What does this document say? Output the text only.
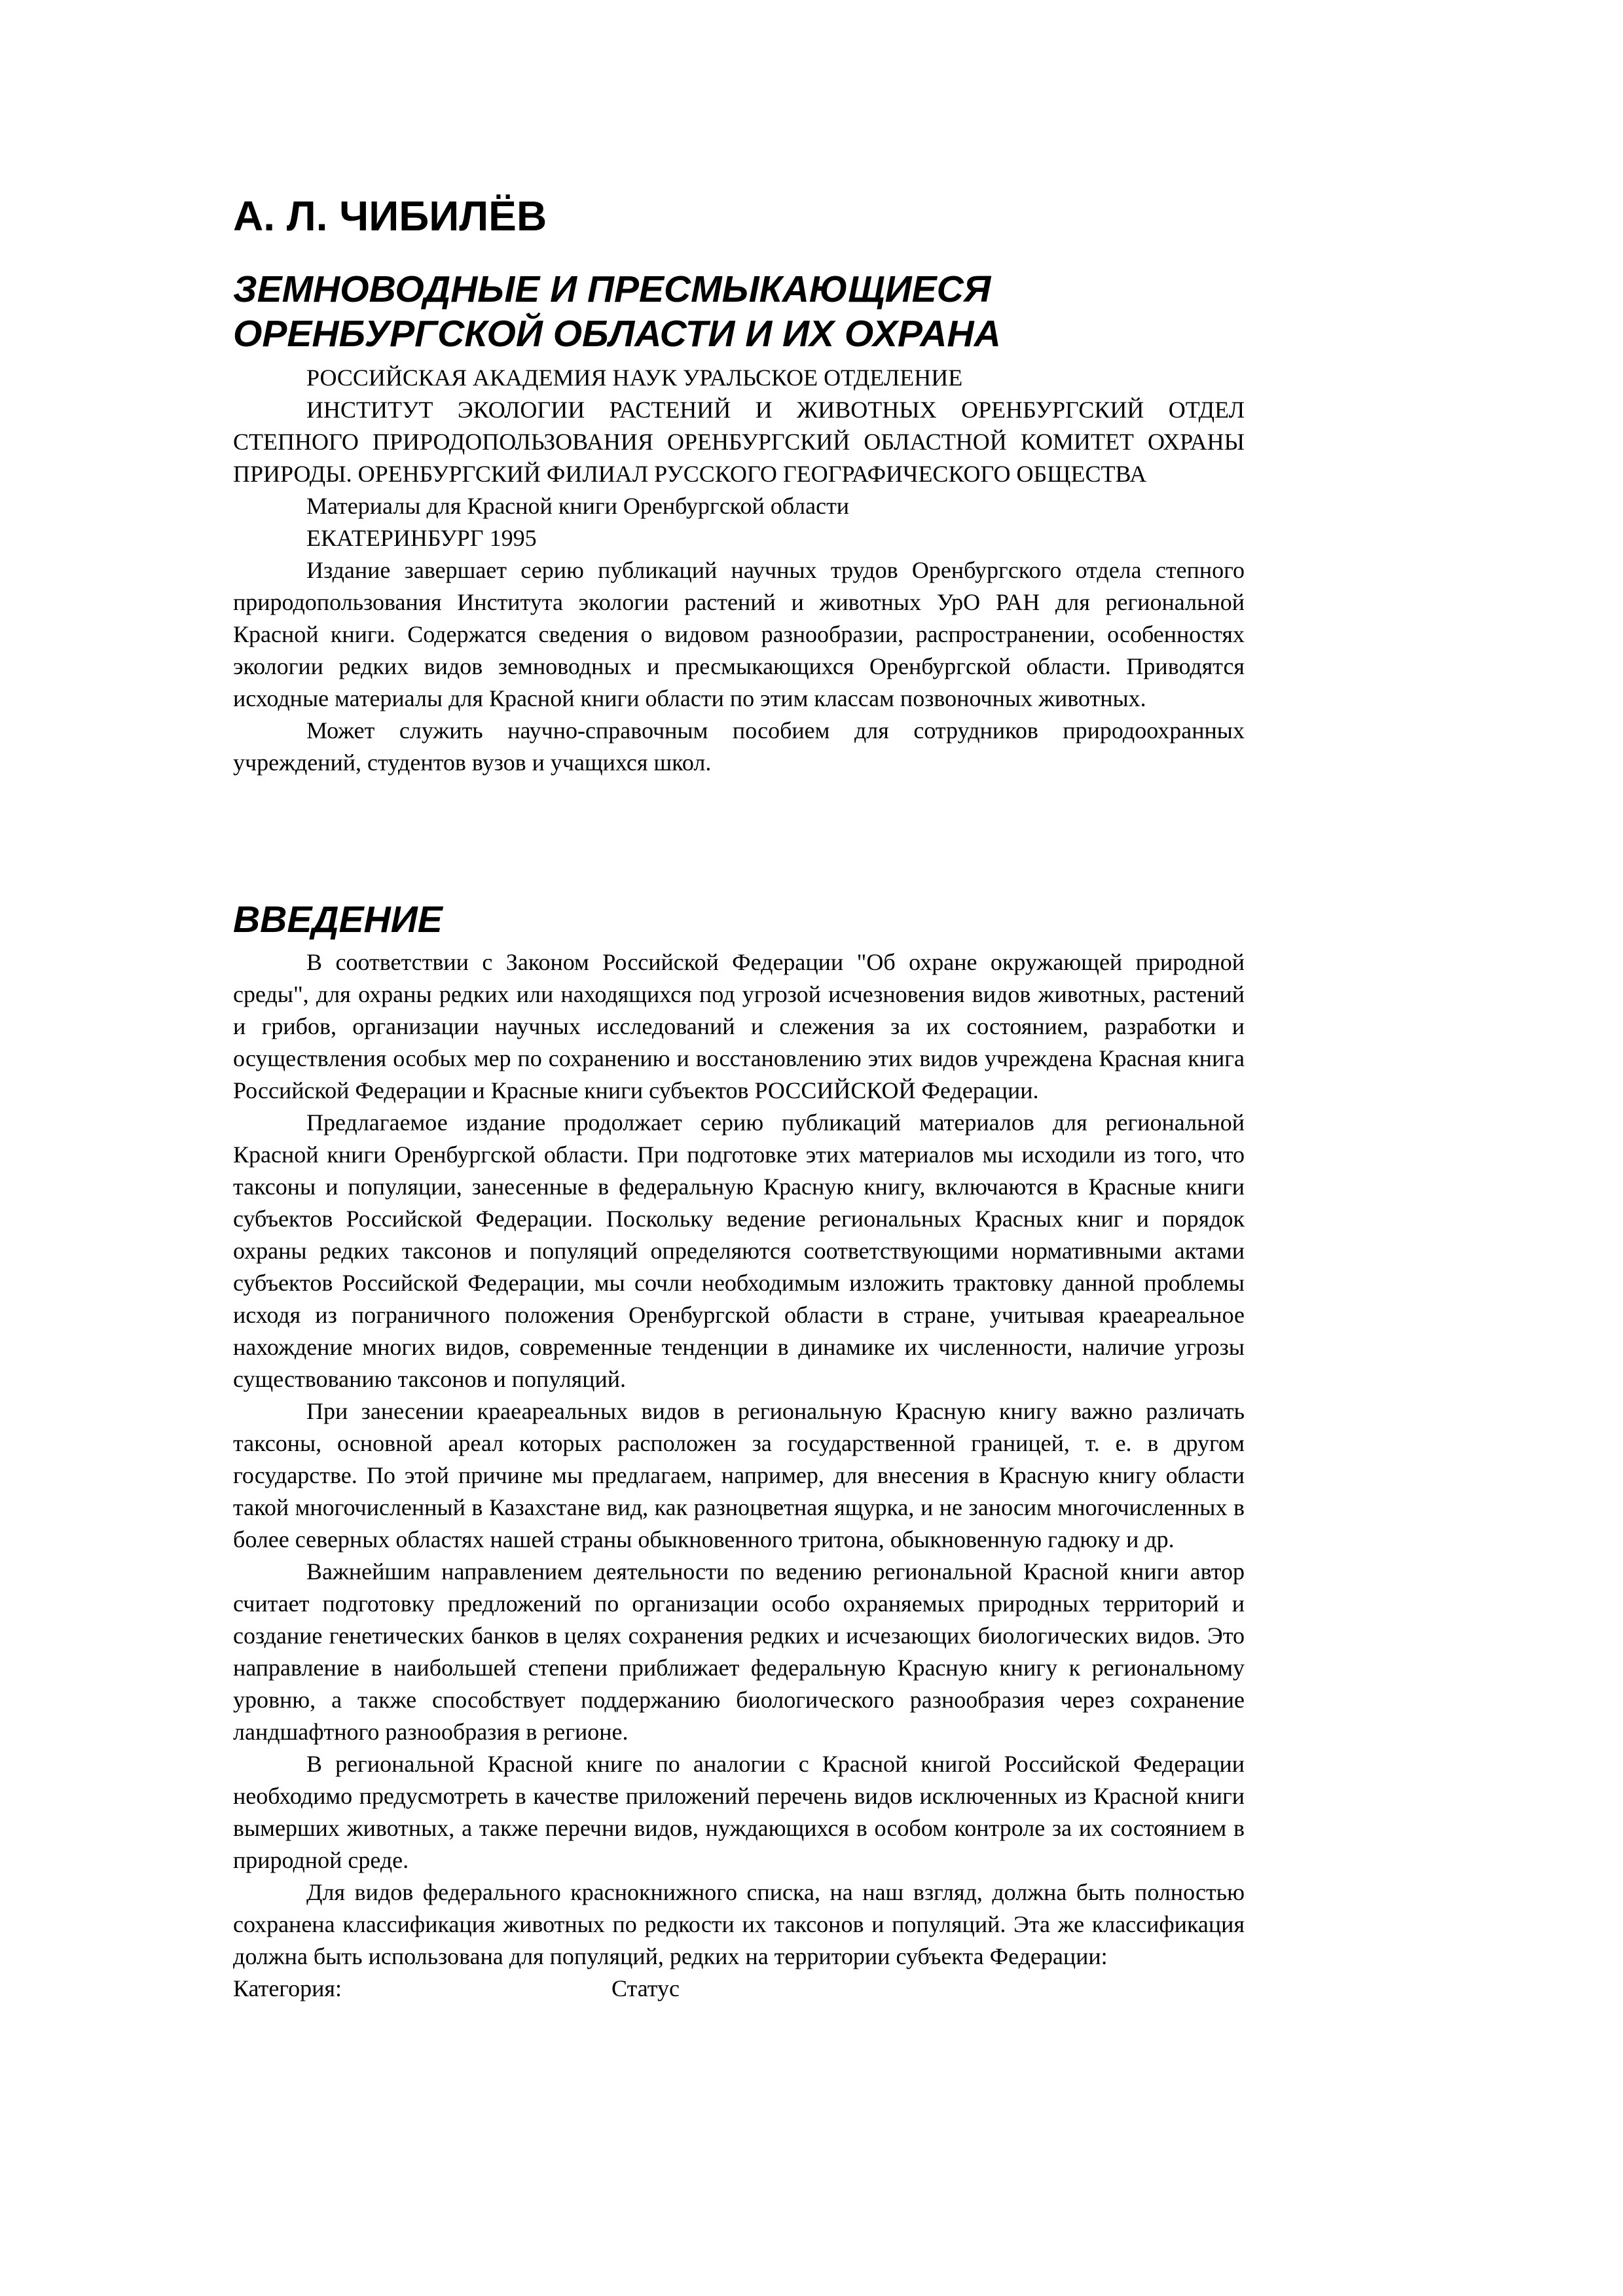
А. Л. ЧИБИЛЁВ
ЗЕМНОВОДНЫЕ И ПРЕСМЫКАЮЩИЕСЯ ОРЕНБУРГСКОЙ ОБЛАСТИ И ИХ ОХРАНА

РОССИЙСКАЯ АКАДЕМИЯ НАУК УРАЛЬСКОЕ ОТДЕЛЕНИЕ

ИНСТИТУТ ЭКОЛОГИИ РАСТЕНИЙ И ЖИВОТНЫХ ОРЕНБУРГСКИЙ ОТДЕЛ СТЕПНОГО ПРИРОДОПОЛЬЗОВАНИЯ ОРЕНБУРГСКИЙ ОБЛАСТНОЙ КОМИТЕТ ОХРАНЫ ПРИРОДЫ. ОРЕНБУРГСКИЙ ФИЛИАЛ РУССКОГО ГЕОГРАФИЧЕСКОГО ОБЩЕСТВА

Материалы для Красной книги Оренбургской области

ЕКАТЕРИНБУРГ 1995

Издание завершает серию публикаций научных трудов Оренбургского отдела степного природопользования Института экологии растений и животных УрО РАН для региональной Красной книги. Содержатся сведения о видовом разнообразии, распространении, особенностях экологии редких видов земноводных и пресмыкающихся Оренбургской области. Приводятся исходные материалы для Красной книги области по этим классам позвоночных животных.

Может служить научно-справочным пособием для сотрудников природоохранных учреждений, студентов вузов и учащихся школ.

ВВЕДЕНИЕ

В соответствии с Законом Российской Федерации "Об охране окружающей природной среды", для охраны редких или находящихся под угрозой исчезновения видов животных, растений и грибов, организации научных исследований и слежения за их состоянием, разработки и осуществления особых мер по сохранению и восстановлению этих видов учреждена Красная книга Российской Федерации и Красные книги субъектов РОССИЙСКОЙ Федерации.

Предлагаемое издание продолжает серию публикаций материалов для региональной Красной книги Оренбургской области. При подготовке этих материалов мы исходили из того, что таксоны и популяции, занесенные в федеральную Красную книгу, включаются в Красные книги субъектов Российской Федерации. Поскольку ведение региональных Красных книг и порядок охраны редких таксонов и популяций определяются соответствующими нормативными актами субъектов Российской Федерации, мы сочли необходимым изложить трактовку данной проблемы исходя из пограничного положения Оренбургской области в стране, учитывая краеареальное нахождение многих видов, современные тенденции в динамике их численности, наличие угрозы существованию таксонов и популяций.

При занесении краеареальных видов в региональную Красную книгу важно различать таксоны, основной ареал которых расположен за государственной границей, т. е. в другом государстве. По этой причине мы предлагаем, например, для внесения в Красную книгу области такой многочисленный в Казахстане вид, как разноцветная ящурка, и не заносим многочисленных в более северных областях нашей страны обыкновенного тритона, обыкновенную гадюку и др.

Важнейшим направлением деятельности по ведению региональной Красной книги автор считает подготовку предложений по организации особо охраняемых природных территорий и создание генетических банков в целях сохранения редких и исчезающих биологических видов. Это направление в наибольшей степени приближает федеральную Красную книгу к региональному уровню, а также способствует поддержанию биологического разнообразия через сохранение ландшафтного разнообразия в регионе.

В региональной Красной книге по аналогии с Красной книгой Российской Федерации необходимо предусмотреть в качестве приложений перечень видов исключенных из Красной книги вымерших животных, а также перечни видов, нуждающихся в особом контроле за их состоянием в природной среде.

Для видов федерального краснокнижного списка, на наш взгляд, должна быть полностью сохранена классификация животных по редкости их таксонов и популяций. Эта же классификация должна быть использована для популяций, редких на территории субъекта Федерации:

Категория:	Статус
